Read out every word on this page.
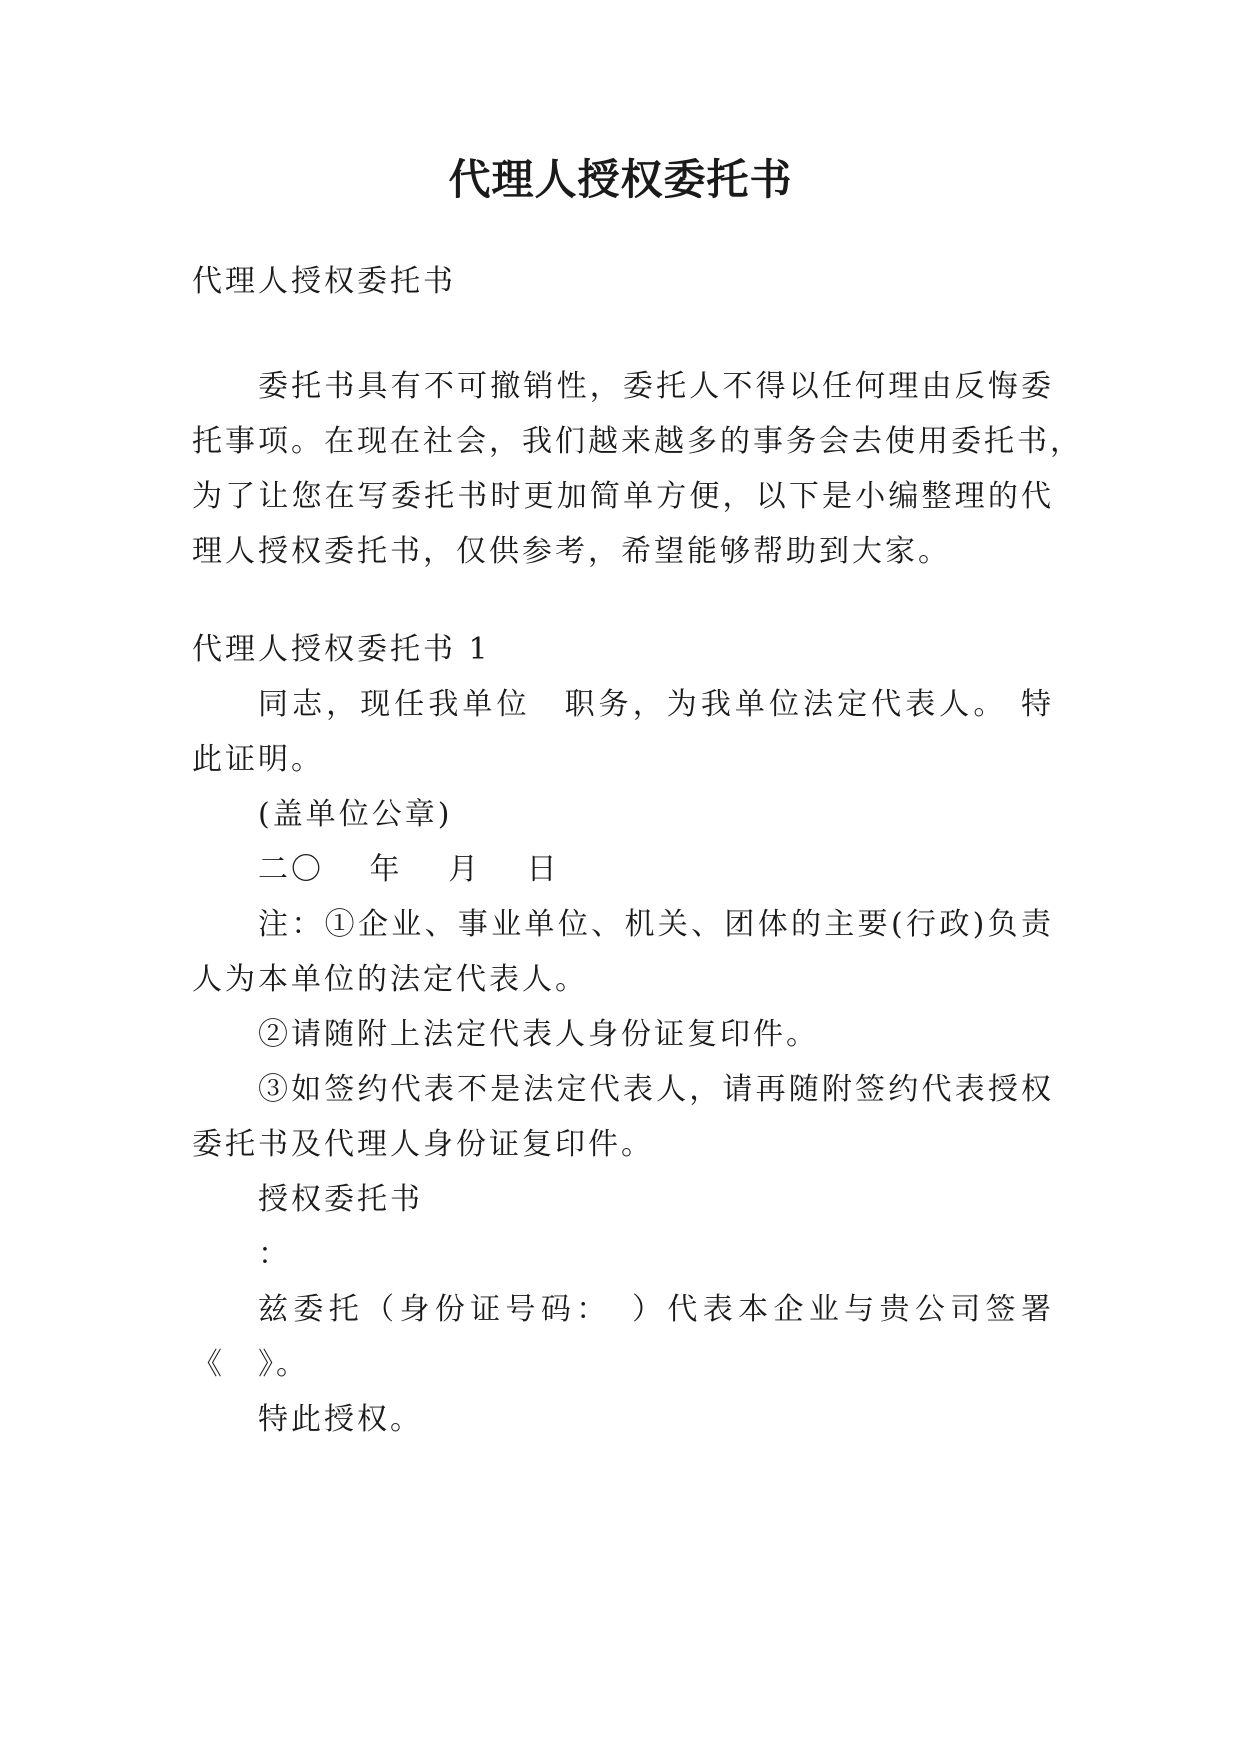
代理人授权委托书
代理人授权委托书
委托书具有不可撤销性，委托人不得以任何理由反悔委
托事项。在现在社会，我们越来越多的事务会去使用委托书，
为了让您在写委托书时更加简单方便，以下是小编整理的代
理人授权委托书，仅供参考，希望能够帮助到大家。
代理人授权委托书 1
同志，现任我单位　职务，为我单位法定代表人。 特
此证明。
(盖单位公章)
二〇　 年　 月　 日
注：①企业、事业单位、机关、团体的主要(行政)负责
人为本单位的法定代表人。
②请随附上法定代表人身份证复印件。
③如签约代表不是法定代表人，请再随附签约代表授权
委托书及代理人身份证复印件。
授权委托书
：
兹委托（身份证号码：　）代表本企业与贵公司签署
《　》。
特此授权。
